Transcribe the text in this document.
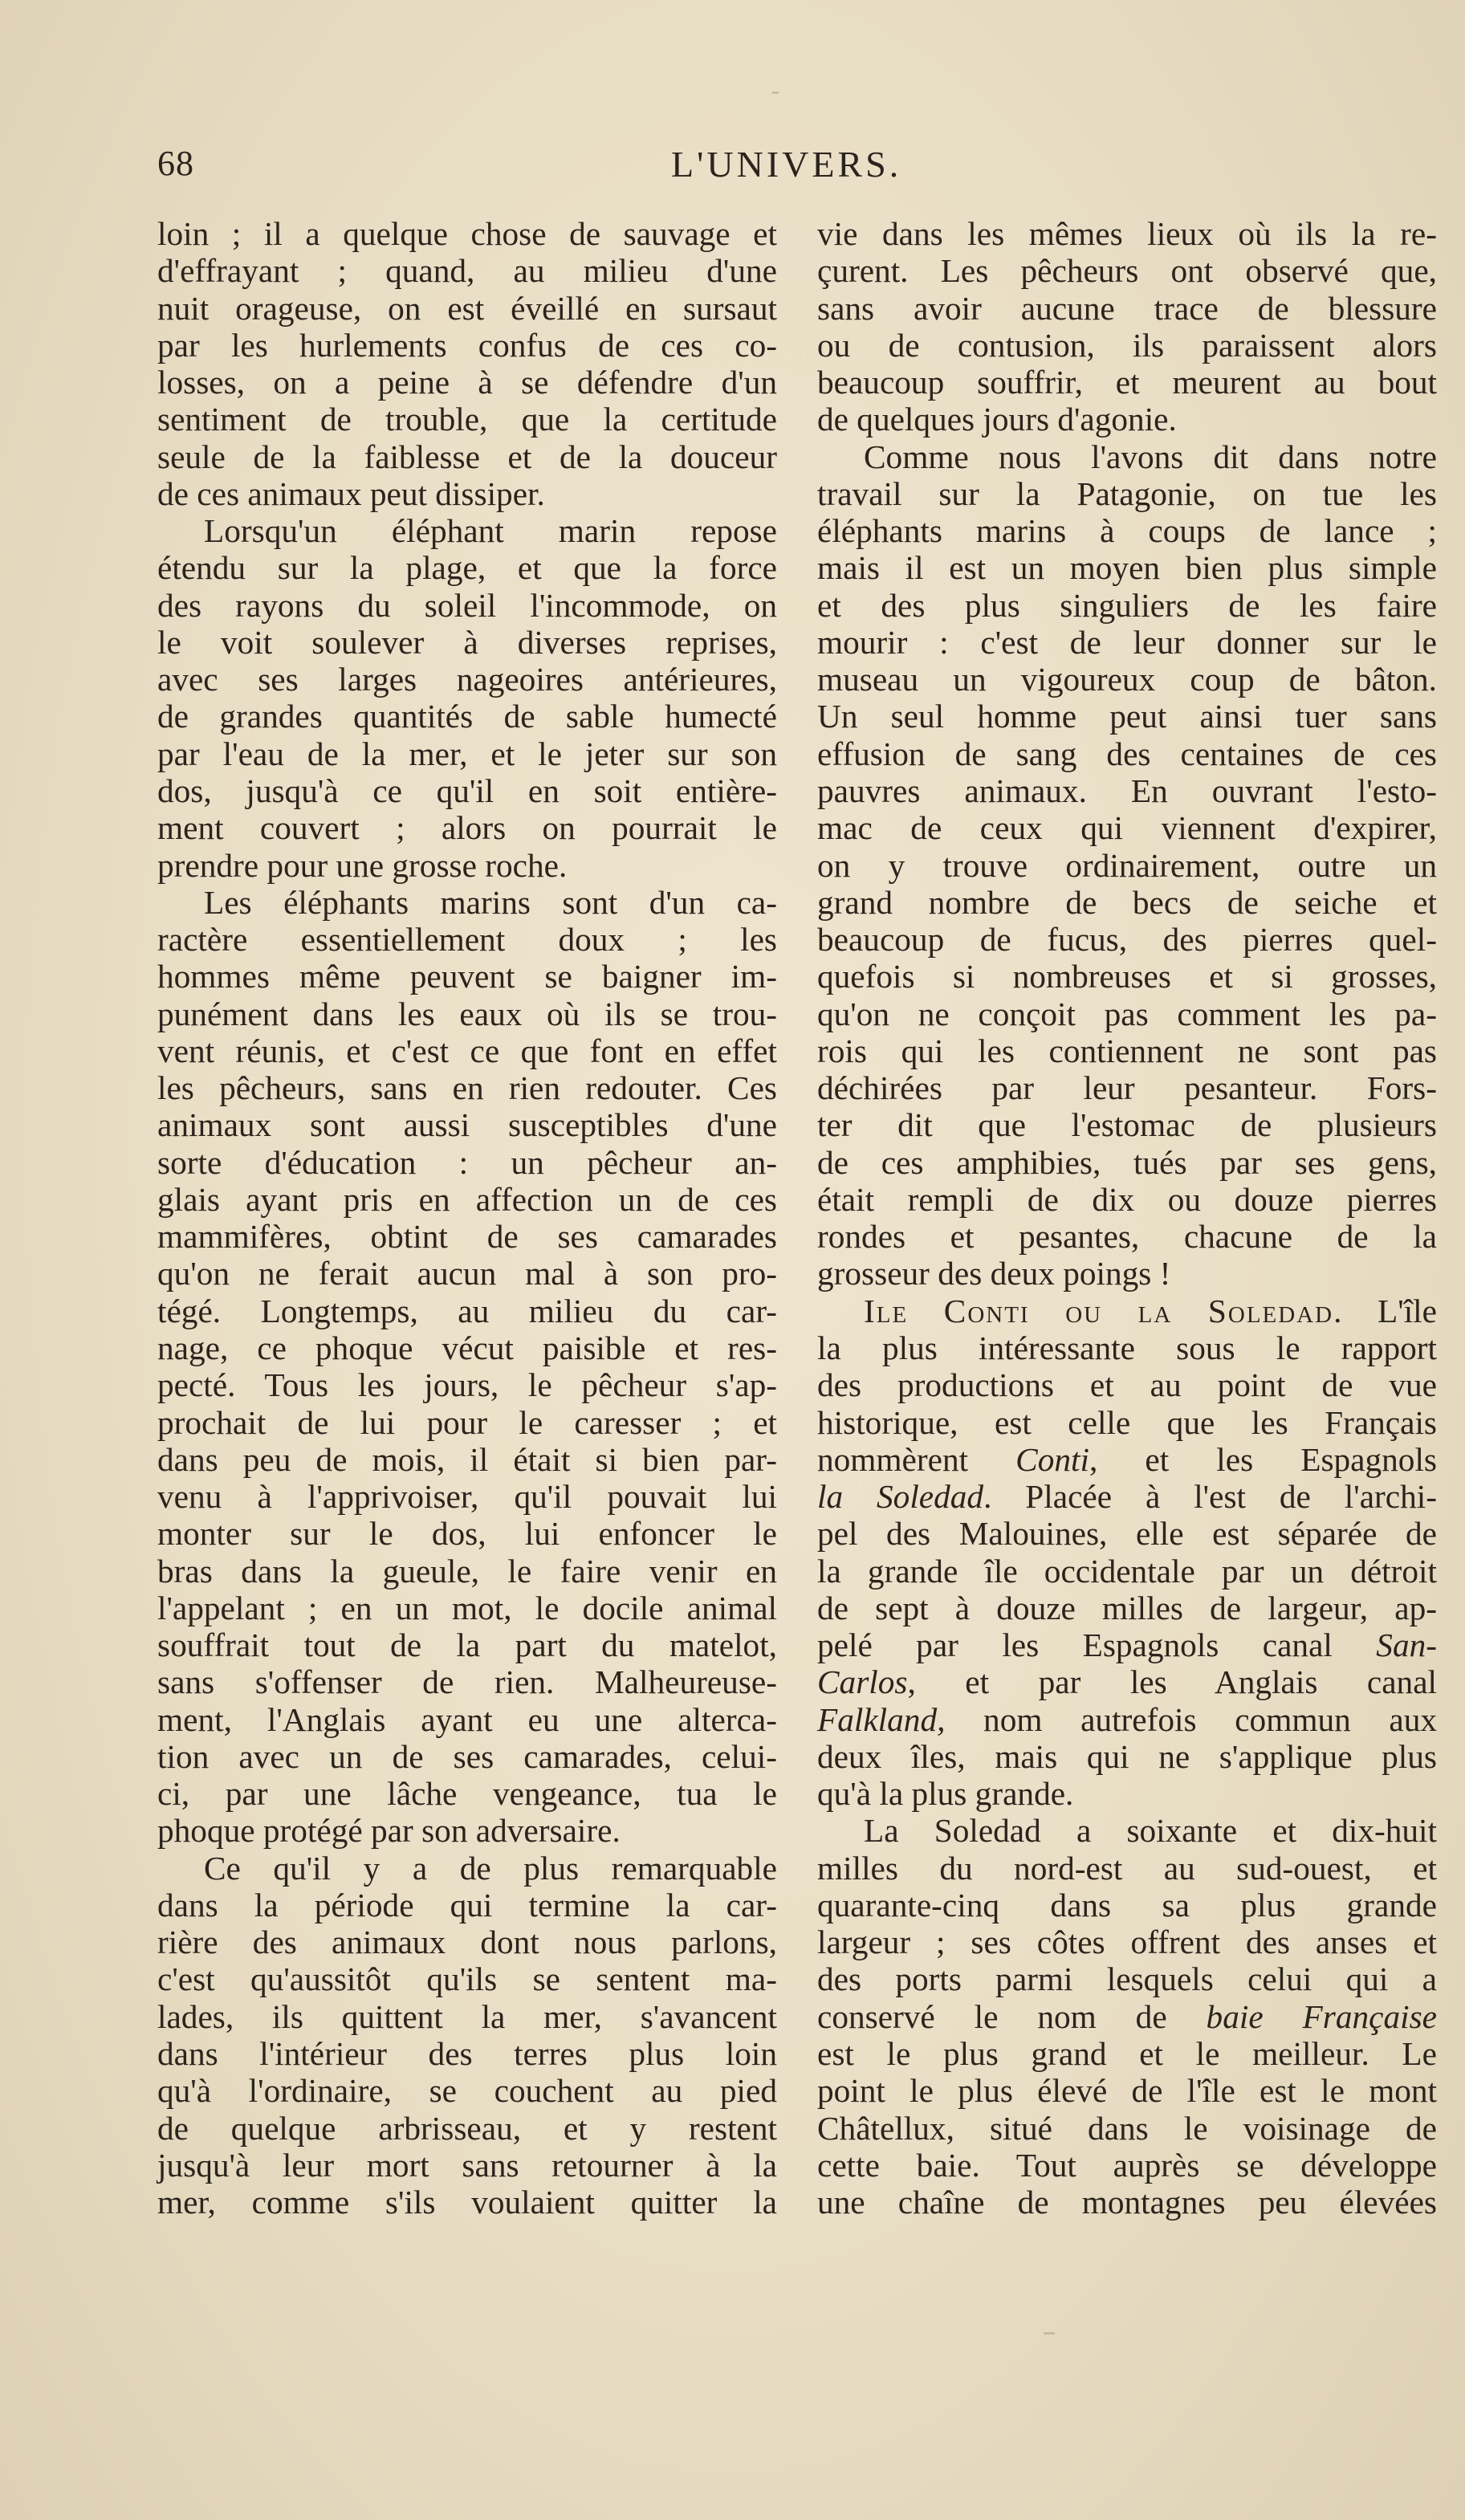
68	L'UNIVERS.
loin ; il a quelque chose de sauvage et
d'effrayant ; quand, au milieu d'une
nuit orageuse, on est éveillé en sursaut
par les hurlements confus de ces co-
losses, on a peine à se défendre d'un
sentiment de trouble, que la certitude
seule de la faiblesse et de la douceur
de ces animaux peut dissiper.
Lorsqu'un éléphant marin repose
étendu sur la plage, et que la force
des rayons du soleil l'incommode, on
le voit soulever à diverses reprises,
avec ses larges nageoires antérieures,
de grandes quantités de sable humecté
par l'eau de la mer, et le jeter sur son
dos, jusqu'à ce qu'il en soit entière-
ment couvert ; alors on pourrait le
prendre pour une grosse roche.
Les éléphants marins sont d'un ca-
ractère essentiellement doux ; les
hommes même peuvent se baigner im-
punément dans les eaux où ils se trou-
vent réunis, et c'est ce que font en effet
les pêcheurs, sans en rien redouter. Ces
animaux sont aussi susceptibles d'une
sorte d'éducation : un pêcheur an-
glais ayant pris en affection un de ces
mammifères, obtint de ses camarades
qu'on ne ferait aucun mal à son pro-
tégé. Longtemps, au milieu du car-
nage, ce phoque vécut paisible et res-
pecté. Tous les jours, le pêcheur s'ap-
prochait de lui pour le caresser ; et
dans peu de mois, il était si bien par-
venu à l'apprivoiser, qu'il pouvait lui
monter sur le dos, lui enfoncer le
bras dans la gueule, le faire venir en
l'appelant ; en un mot, le docile animal
souffrait tout de la part du matelot,
sans s'offenser de rien. Malheureuse-
ment, l'Anglais ayant eu une alterca-
tion avec un de ses camarades, celui-
ci, par une lâche vengeance, tua le
phoque protégé par son adversaire.
Ce qu'il y a de plus remarquable
dans la période qui termine la car-
rière des animaux dont nous parlons,
c'est qu'aussitôt qu'ils se sentent ma-
lades, ils quittent la mer, s'avancent
dans l'intérieur des terres plus loin
qu'à l'ordinaire, se couchent au pied
de quelque arbrisseau, et y restent
jusqu'à leur mort sans retourner à la
mer, comme s'ils voulaient quitter la
vie dans les mêmes lieux où ils la re-
çurent. Les pêcheurs ont observé que,
sans avoir aucune trace de blessure
ou de contusion, ils paraissent alors
beaucoup souffrir, et meurent au bout
de quelques jours d'agonie.
Comme nous l'avons dit dans notre
travail sur la Patagonie, on tue les
éléphants marins à coups de lance ;
mais il est un moyen bien plus simple
et des plus singuliers de les faire
mourir : c'est de leur donner sur le
museau un vigoureux coup de bâton.
Un seul homme peut ainsi tuer sans
effusion de sang des centaines de ces
pauvres animaux. En ouvrant l'esto-
mac de ceux qui viennent d'expirer,
on y trouve ordinairement, outre un
grand nombre de becs de seiche et
beaucoup de fucus, des pierres quel-
quefois si nombreuses et si grosses,
qu'on ne conçoit pas comment les pa-
rois qui les contiennent ne sont pas
déchirées par leur pesanteur. Fors-
ter dit que l'estomac de plusieurs
de ces amphibies, tués par ses gens,
était rempli de dix ou douze pierres
rondes et pesantes, chacune de la
grosseur des deux poings !
Ile Conti ou la Soledad. L'île
la plus intéressante sous le rapport
des productions et au point de vue
historique, est celle que les Français
nommèrent Conti, et les Espagnols
la Soledad. Placée à l'est de l'archi-
pel des Malouines, elle est séparée de
la grande île occidentale par un détroit
de sept à douze milles de largeur, ap-
pelé par les Espagnols canal San-
Carlos, et par les Anglais canal
Falkland, nom autrefois commun aux
deux îles, mais qui ne s'applique plus
qu'à la plus grande.
La Soledad a soixante et dix-huit
milles du nord-est au sud-ouest, et
quarante-cinq dans sa plus grande
largeur ; ses côtes offrent des anses et
des ports parmi lesquels celui qui a
conservé le nom de baie Française
est le plus grand et le meilleur. Le
point le plus élevé de l'île est le mont
Châtellux, situé dans le voisinage de
cette baie. Tout auprès se développe
une chaîne de montagnes peu élevées
